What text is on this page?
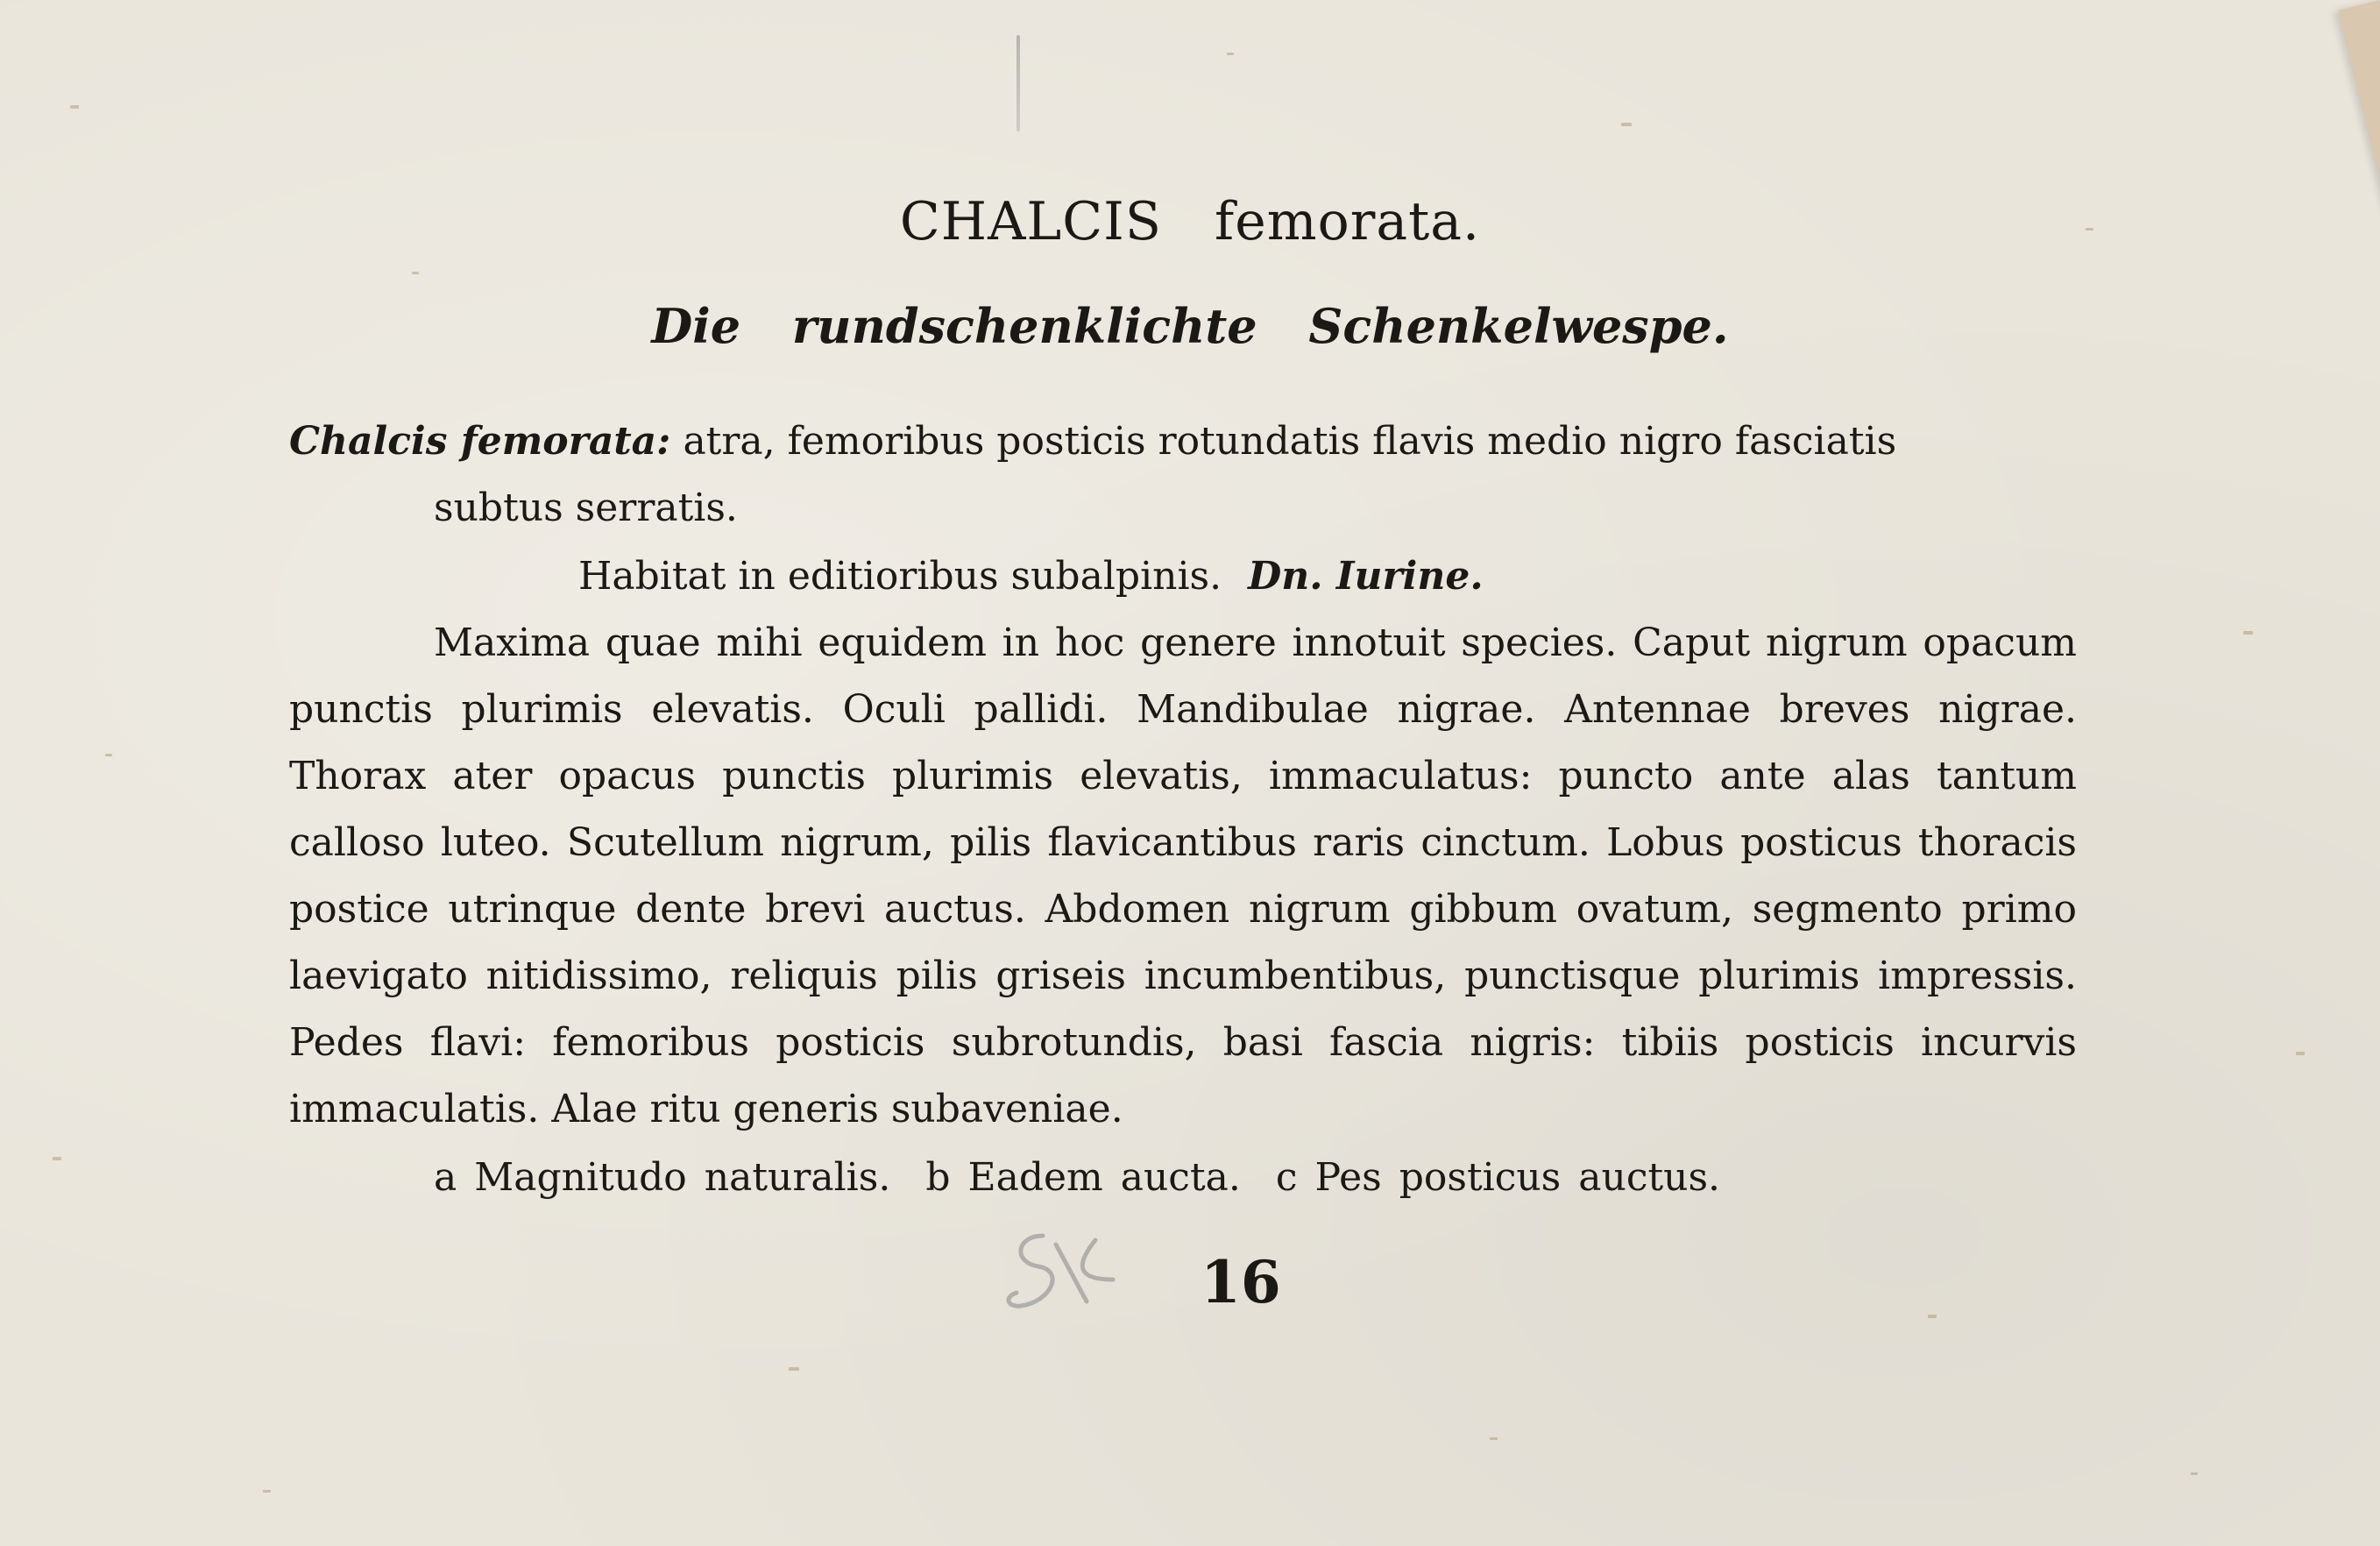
CHALCIS femorata.
Die rundschenklichte Schenkelwespe.
Chalcis femorata: atra, femoribus posticis rotundatis flavis medio nigro fasciatis
subtus serratis.
Habitat in editioribus subalpinis. Dn. Iurine.
Maxima quae mihi equidem in hoc genere innotuit species. Caput nigrum opacum punctis plurimis elevatis. Oculi pallidi. Mandibulae nigrae. Antennae breves nigrae. Thorax ater opacus punctis plurimis elevatis, immaculatus: puncto ante alas tantum calloso luteo. Scutellum nigrum, pilis flavicantibus raris cinctum. Lobus posticus thoracis postice utrinque dente brevi auctus. Abdomen nigrum gibbum ovatum, segmento primo laevigato nitidissimo, reliquis pilis griseis incumbentibus, punctisque plurimis impressis. Pedes flavi: femoribus posticis subrotundis, basi fascia nigris: tibiis posticis incurvis immaculatis. Alae ritu generis subaveniae.
a Magnitudo naturalis. b Eadem aucta. c Pes posticus auctus.
16
